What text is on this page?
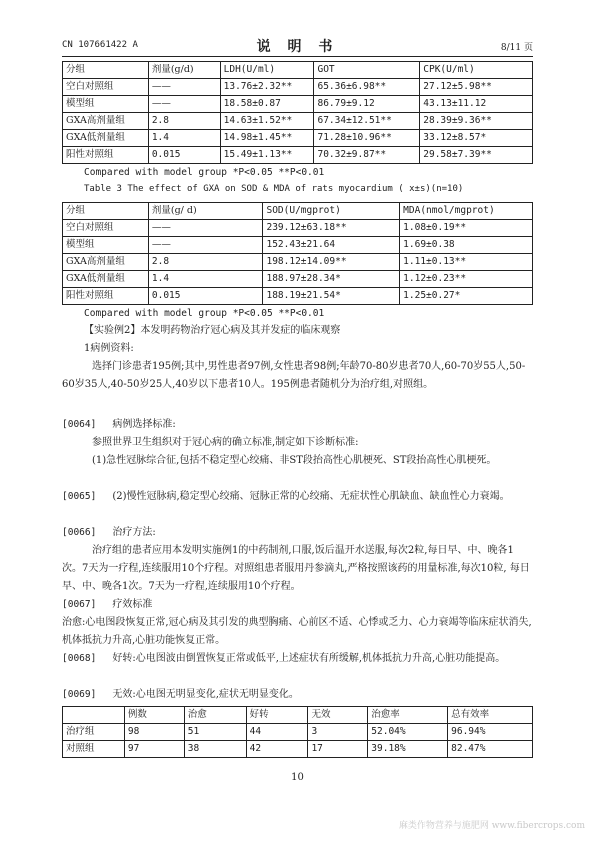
CN 107661422 A	说 明 书	8/11 页
分组	剂量(g/d)	LDH(U/ml)	GOT	CPK(U/ml)
空白对照组	——	13.76±2.32**	65.36±6.98**	27.12±5.98**
模型组	——	18.58±0.87	86.79±9.12	43.13±11.12
GXA高剂量组	2.8	14.63±1.52**	67.34±12.51**	28.39±9.36**
GXA低剂量组	1.4	14.98±1.45**	71.28±10.96**	33.12±8.57*
阳性对照组	0.015	15.49±1.13**	70.32±9.87**	29.58±7.39**
Compared with model group *P<0.05 **P<0.01
Table 3 The effect of GXA on SOD & MDA of rats myocardium ( x±s)(n=10)
分组	剂量(g/ d)	SOD(U/mgprot)	MDA(nmol/mgprot)
空白对照组	——	239.12±63.18**	1.08±0.19**
模型组	——	152.43±21.64	1.69±0.38
GXA高剂量组	2.8	198.12±14.09**	1.11±0.13**
GXA低剂量组	1.4	188.97±28.34*	1.12±0.23**
阳性对照组	0.015	188.19±21.54*	1.25±0.27*
Compared with model group *P<0.05 **P<0.01
【实验例2】本发明药物治疗冠心病及其并发症的临床观察
1病例资料:
选择门诊患者195例;其中,男性患者97例,女性患者98例;年龄70-80岁患者70人,60-70岁55人,50-60岁35人,40-50岁25人,40岁以下患者10人。195例患者随机分为治疗组,对照组。
[0064] 病例选择标准:
参照世界卫生组织对于冠心病的确立标准,制定如下诊断标准:
(1)急性冠脉综合征,包括不稳定型心绞痛、非ST段抬高性心肌梗死、ST段抬高性心肌梗死。
[0065] (2)慢性冠脉病,稳定型心绞痛、冠脉正常的心绞痛、无症状性心肌缺血、缺血性心力衰竭。
[0066] 治疗方法:
治疗组的患者应用本发明实施例1的中药制剂,口服,饭后温开水送服,每次2粒,每日早、中、晚各1次。7天为一疗程,连续服用10个疗程。对照组患者服用丹参滴丸,严格按照该药的用量标准,每次10粒, 每日早、中、晚各1次。7天为一疗程,连续服用10个疗程。
[0067] 疗效标准
治愈:心电图段恢复正常,冠心病及其引发的典型胸痛、心前区不适、心悸或乏力、心力衰竭等临床症状消失,机体抵抗力升高,心脏功能恢复正常。
[0068] 好转:心电图波由倒置恢复正常或低平,上述症状有所缓解,机体抵抗力升高,心脏功能提高。
[0069] 无效:心电图无明显变化,症状无明显变化。
	例数	治愈	好转	无效	治愈率	总有效率
治疗组	98	51	44	3	52.04%	96.94%
对照组	97	38	42	17	39.18%	82.47%
10
麻类作物营养与施肥网 www.fibercrops.com
